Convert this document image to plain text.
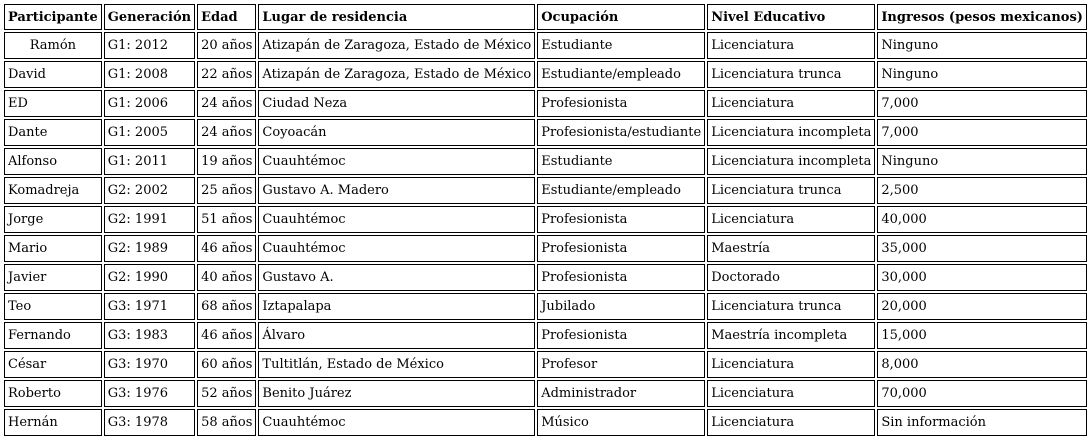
Participante	Generación	Edad	Lugar de residencia	Ocupación	Nivel Educativo	Ingresos (pesos mexicanos)
Ramón	G1: 2012	20 años	Atizapán de Zaragoza, Estado de México	Estudiante	Licenciatura	Ninguno
David	G1: 2008	22 años	Atizapán de Zaragoza, Estado de México	Estudiante/empleado	Licenciatura trunca	Ninguno
ED	G1: 2006	24 años	Ciudad Neza	Profesionista	Licenciatura	7,000
Dante	G1: 2005	24 años	Coyoacán	Profesionista/estudiante	Licenciatura incompleta	7,000
Alfonso	G1: 2011	19 años	Cuauhtémoc	Estudiante	Licenciatura incompleta	Ninguno
Komadreja	G2: 2002	25 años	Gustavo A. Madero	Estudiante/empleado	Licenciatura trunca	2,500
Jorge	G2: 1991	51 años	Cuauhtémoc	Profesionista	Licenciatura	40,000
Mario	G2: 1989	46 años	Cuauhtémoc	Profesionista	Maestría	35,000
Javier	G2: 1990	40 años	Gustavo A.	Profesionista	Doctorado	30,000
Teo	G3: 1971	68 años	Iztapalapa	Jubilado	Licenciatura trunca	20,000
Fernando	G3: 1983	46 años	Álvaro	Profesionista	Maestría incompleta	15,000
César	G3: 1970	60 años	Tultitlán, Estado de México	Profesor	Licenciatura	8,000
Roberto	G3: 1976	52 años	Benito Juárez	Administrador	Licenciatura	70,000
Hernán	G3: 1978	58 años	Cuauhtémoc	Músico	Licenciatura	Sin información
